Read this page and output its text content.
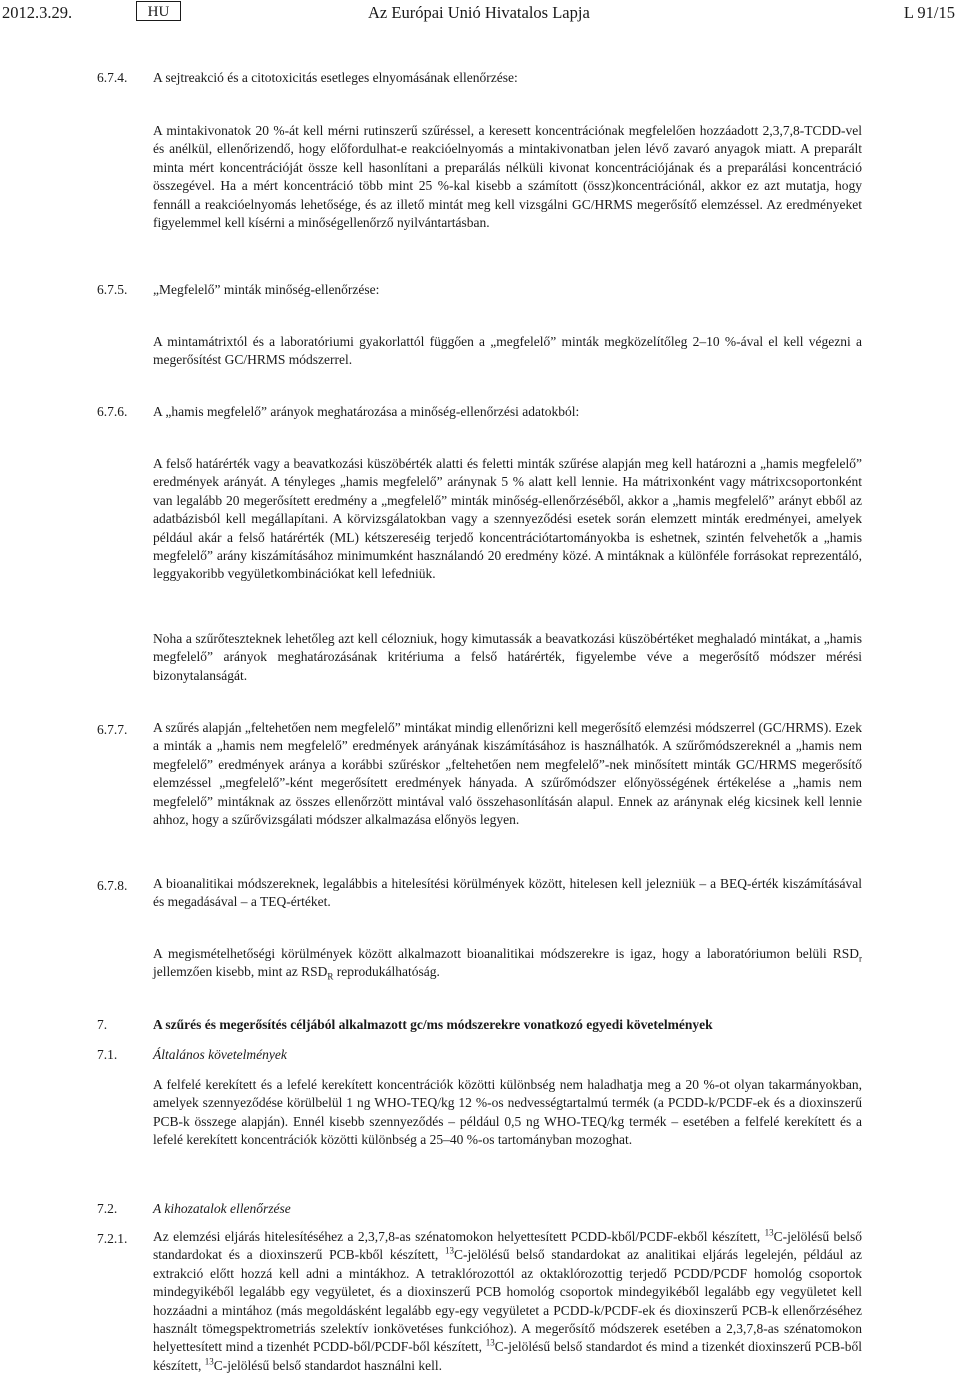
2012.3.29.	HU	Az Európai Unió Hivatalos Lapja	L 91/15
6.7.4. A sejtreakció és a citotoxicitás esetleges elnyomásának ellenőrzése:

A mintakivonatok 20 %-át kell mérni rutinszerű szűréssel, a keresett koncentrációnak megfelelően hozzáadott 2,3,7,8-TCDD-vel és anélkül, ellenőrizendő, hogy előfordulhat-e reakcióelnyomás a mintakivonatban jelen lévő zavaró anyagok miatt. A preparált minta mért koncentrációját össze kell hasonlítani a preparálás nélküli kivonat koncentrációjának és a preparálási koncentráció összegével. Ha a mért koncentráció több mint 25 %-kal kisebb a számított (össz)koncentrációnál, akkor ez azt mutatja, hogy fennáll a reakcióelnyomás lehetősége, és az illető mintát meg kell vizsgálni GC/HRMS megerősítő elemzéssel. Az eredményeket figyelemmel kell kísérni a minőségellenőrző nyilvántartásban.

6.7.5. „Megfelelő” minták minőség-ellenőrzése:

A mintamátrixtól és a laboratóriumi gyakorlattól függően a „megfelelő” minták megközelítőleg 2–10 %-ával el kell végezni a megerősítést GC/HRMS módszerrel.

6.7.6. A „hamis megfelelő” arányok meghatározása a minőség-ellenőrzési adatokból:

A felső határérték vagy a beavatkozási küszöbérték alatti és feletti minták szűrése alapján meg kell határozni a „hamis megfelelő” eredmények arányát. A tényleges „hamis megfelelő” aránynak 5 % alatt kell lennie. Ha mátrixonként vagy mátrixcsoportonként van legalább 20 megerősített eredmény a „megfelelő” minták minőség-ellenőrzéséből, akkor a „hamis megfelelő” arányt ebből az adatbázisból kell megállapítani. A körvizsgálatokban vagy a szennyeződési esetek során elemzett minták eredményei, amelyek például akár a felső határérték (ML) kétszereséig terjedő koncentrációtartományokba is eshetnek, szintén felvehetők a „hamis megfelelő” arány kiszámításához minimumként használandó 20 eredmény közé. A mintáknak a különféle forrásokat reprezentáló, leggyakoribb vegyületkombinációkat kell lefedniük.

Noha a szűrőteszteknek lehetőleg azt kell célozniuk, hogy kimutassák a beavatkozási küszöbértéket meghaladó mintákat, a „hamis megfelelő” arányok meghatározásának kritériuma a felső határérték, figyelembe véve a megerősítő módszer mérési bizonytalanságát.

6.7.7. A szűrés alapján „feltehetően nem megfelelő” mintákat mindig ellenőrizni kell megerősítő elemzési módszerrel (GC/HRMS). Ezek a minták a „hamis nem megfelelő” eredmények arányának kiszámításához is használhatók. A szűrőmódszereknél a „hamis nem megfelelő” eredmények aránya a korábbi szűréskor „feltehetően nem megfelelő”-nek minősített minták GC/HRMS megerősítő elemzéssel „megfelelő”-ként megerősített eredmények hányada. A szűrőmódszer előnyösségének értékelése a „hamis nem megfelelő” mintáknak az összes ellenőrzött mintával való összehasonlításán alapul. Ennek az aránynak elég kicsinek kell lennie ahhoz, hogy a szűrővizsgálati módszer alkalmazása előnyös legyen.

6.7.8. A bioanalitikai módszereknek, legalábbis a hitelesítési körülmények között, hitelesen kell jelezniük – a BEQ-érték kiszámításával és megadásával – a TEQ-értéket.

A megismételhetőségi körülmények között alkalmazott bioanalitikai módszerekre is igaz, hogy a laboratóriumon belüli $RSD_r$ jellemzően kisebb, mint az $RSD_R$ reprodukálhatóság.

7.	A szűrés és megerősítés céljából alkalmazott gc/ms módszerekre vonatkozó egyedi követelmények
7.1.	Általános követelmények

A felfelé kerekített és a lefelé kerekített koncentrációk közötti különbség nem haladhatja meg a 20 %-ot olyan takarmányokban, amelyek szennyeződése körülbelül 1 ng WHO-TEQ/kg 12 %-os nedvességtartalmú termék (a PCDD-k/PCDF-ek és a dioxinszerű PCB-k összege alapján). Ennél kisebb szennyeződés – például 0,5 ng WHO-TEQ/kg termék – esetében a felfelé kerekített és a lefelé kerekített koncentrációk közötti különbség a 25–40 %-os tartományban mozoghat.

7.2.	A kihozatalok ellenőrzése
7.2.1. Az elemzési eljárás hitelesítéséhez a 2,3,7,8-as szénatomokon helyettesített PCDD-kből/PCDF-ekből készített, $^{13}$C-jelölésű belső standardokat és a dioxinszerű PCB-kből készített, $^{13}$C-jelölésű belső standardokat az analitikai eljárás legelején, például az extrakció előtt hozzá kell adni a mintákhoz. A tetraklórozottól az oktaklórozottig terjedő PCDD/PCDF homológ csoportok mindegyikéből legalább egy vegyületet, és a dioxinszerű PCB homológ csoportok mindegyikéből legalább egy vegyületet kell hozzáadni a mintához (más megoldásként legalább egy-egy vegyületet a PCDD-k/PCDF-ek és dioxinszerű PCB-k ellenőrzéséhez használt tömegspektrometriás szelektív ionkövetéses funkcióhoz). A megerősítő módszerek esetében a 2,3,7,8-as szénatomokon helyettesített mind a tizenhét PCDD-ből/PCDF-ből készített, $^{13}$C-jelölésű belső standardot és mind a tizenkét dioxinszerű PCB-ből készített, $^{13}$C-jelölésű belső standardot használni kell.
